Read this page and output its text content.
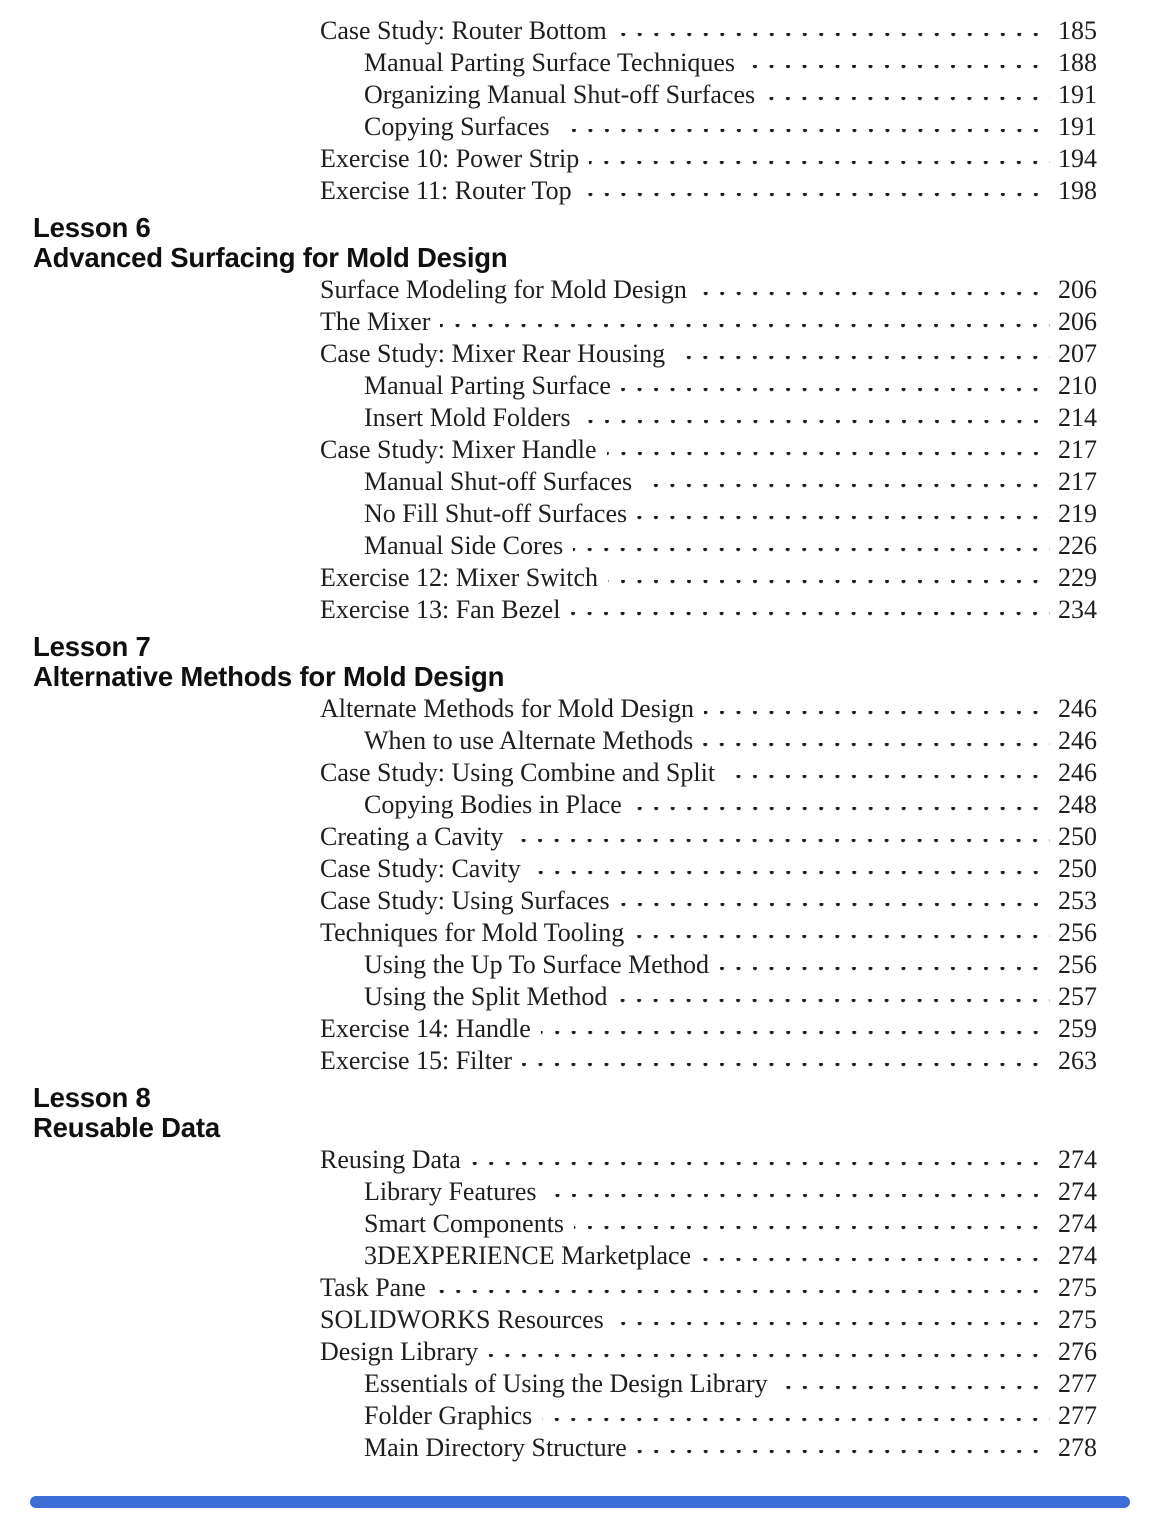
Case Study: Router Bottom	185
Manual Parting Surface Techniques	188
Organizing Manual Shut-off Surfaces	191
Copying Surfaces	191
Exercise 10: Power Strip	194
Exercise 11: Router Top	198
Lesson 6
Advanced Surfacing for Mold Design
Surface Modeling for Mold Design	206
The Mixer	206
Case Study: Mixer Rear Housing	207
Manual Parting Surface	210
Insert Mold Folders	214
Case Study: Mixer Handle	217
Manual Shut-off Surfaces	217
No Fill Shut-off Surfaces	219
Manual Side Cores	226
Exercise 12: Mixer Switch	229
Exercise 13: Fan Bezel	234
Lesson 7
Alternative Methods for Mold Design
Alternate Methods for Mold Design	246
When to use Alternate Methods	246
Case Study: Using Combine and Split	246
Copying Bodies in Place	248
Creating a Cavity	250
Case Study: Cavity	250
Case Study: Using Surfaces	253
Techniques for Mold Tooling	256
Using the Up To Surface Method	256
Using the Split Method	257
Exercise 14: Handle	259
Exercise 15: Filter	263
Lesson 8
Reusable Data
Reusing Data	274
Library Features	274
Smart Components	274
3DEXPERIENCE Marketplace	274
Task Pane	275
SOLIDWORKS Resources	275
Design Library	276
Essentials of Using the Design Library	277
Folder Graphics	277
Main Directory Structure	278
